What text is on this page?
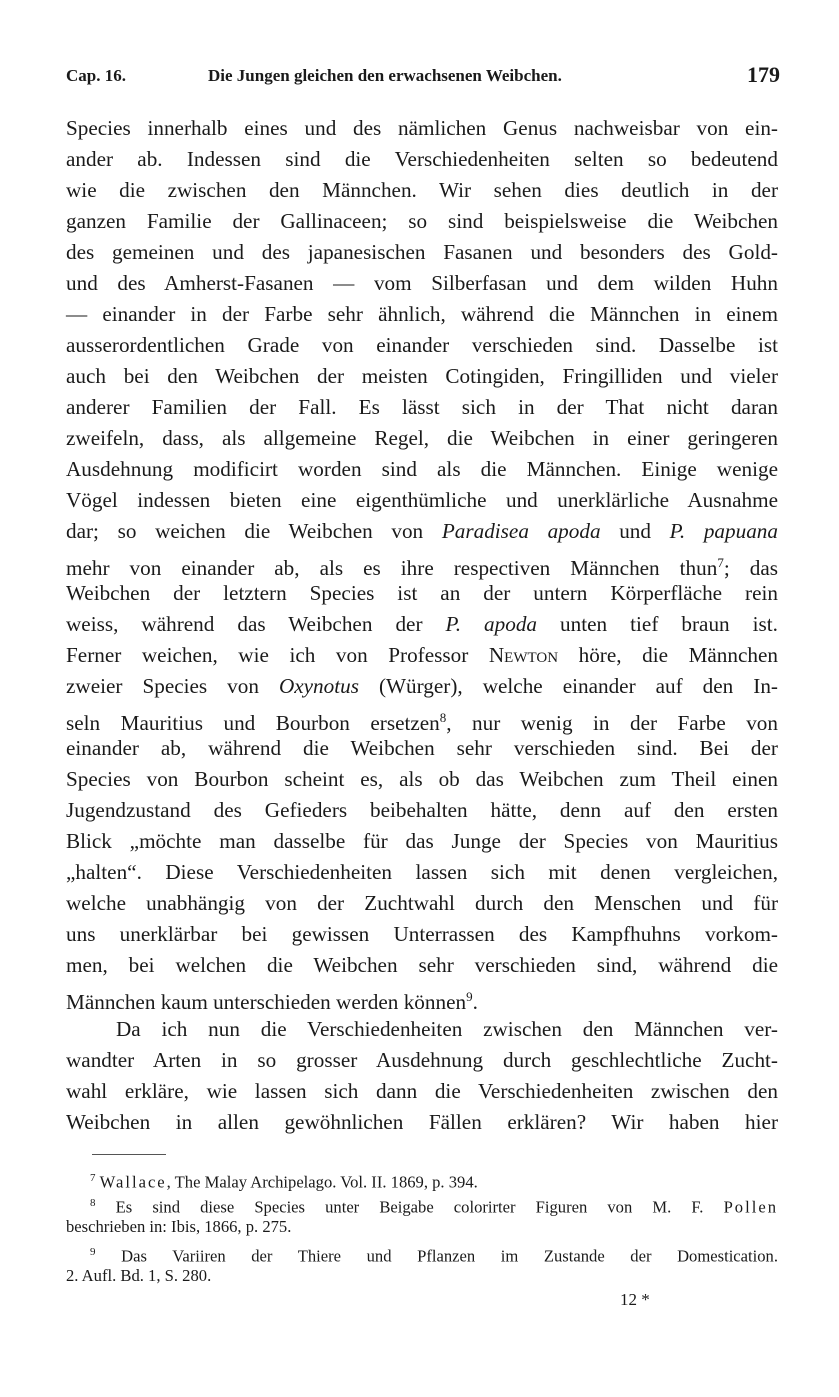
Cap. 16.	Die Jungen gleichen den erwachsenen Weibchen.	179
Species innerhalb eines und des nämlichen Genus nachweisbar von ein-
ander ab. Indessen sind die Verschiedenheiten selten so bedeutend
wie die zwischen den Männchen. Wir sehen dies deutlich in der
ganzen Familie der Gallinaceen; so sind beispielsweise die Weibchen
des gemeinen und des japanesischen Fasanen und besonders des Gold-
und des Amherst-Fasanen — vom Silberfasan und dem wilden Huhn
— einander in der Farbe sehr ähnlich, während die Männchen in einem
ausserordentlichen Grade von einander verschieden sind. Dasselbe ist
auch bei den Weibchen der meisten Cotingiden, Fringilliden und vieler
anderer Familien der Fall. Es lässt sich in der That nicht daran
zweifeln, dass, als allgemeine Regel, die Weibchen in einer geringeren
Ausdehnung modificirt worden sind als die Männchen. Einige wenige
Vögel indessen bieten eine eigenthümliche und unerklärliche Ausnahme
dar; so weichen die Weibchen von Paradisea apoda und P. papuana
mehr von einander ab, als es ihre respectiven Männchen thun$^7$; das
Weibchen der letztern Species ist an der untern Körperfläche rein
weiss, während das Weibchen der P. apoda unten tief braun ist.
Ferner weichen, wie ich von Professor Newton höre, die Männchen
zweier Species von Oxynotus (Würger), welche einander auf den In-
seln Mauritius und Bourbon ersetzen$^8$, nur wenig in der Farbe von
einander ab, während die Weibchen sehr verschieden sind. Bei der
Species von Bourbon scheint es, als ob das Weibchen zum Theil einen
Jugendzustand des Gefieders beibehalten hätte, denn auf den ersten
Blick „möchte man dasselbe für das Junge der Species von Mauritius
„halten“. Diese Verschiedenheiten lassen sich mit denen vergleichen,
welche unabhängig von der Zuchtwahl durch den Menschen und für
uns unerklärbar bei gewissen Unterrassen des Kampfhuhns vorkom-
men, bei welchen die Weibchen sehr verschieden sind, während die
Männchen kaum unterschieden werden können$^9$.
Da ich nun die Verschiedenheiten zwischen den Männchen ver-
wandter Arten in so grosser Ausdehnung durch geschlechtliche Zucht-
wahl erkläre, wie lassen sich dann die Verschiedenheiten zwischen den
Weibchen in allen gewöhnlichen Fällen erklären? Wir haben hier
$^7$ Wallace, The Malay Archipelago. Vol. II. 1869, p. 394.
$^8$ Es sind diese Species unter Beigabe colorirter Figuren von M. F. Pollen
beschrieben in: Ibis, 1866, p. 275.
$^9$ Das Variiren der Thiere und Pflanzen im Zustande der Domestication.
2. Aufl. Bd. 1, S. 280.
12 *
